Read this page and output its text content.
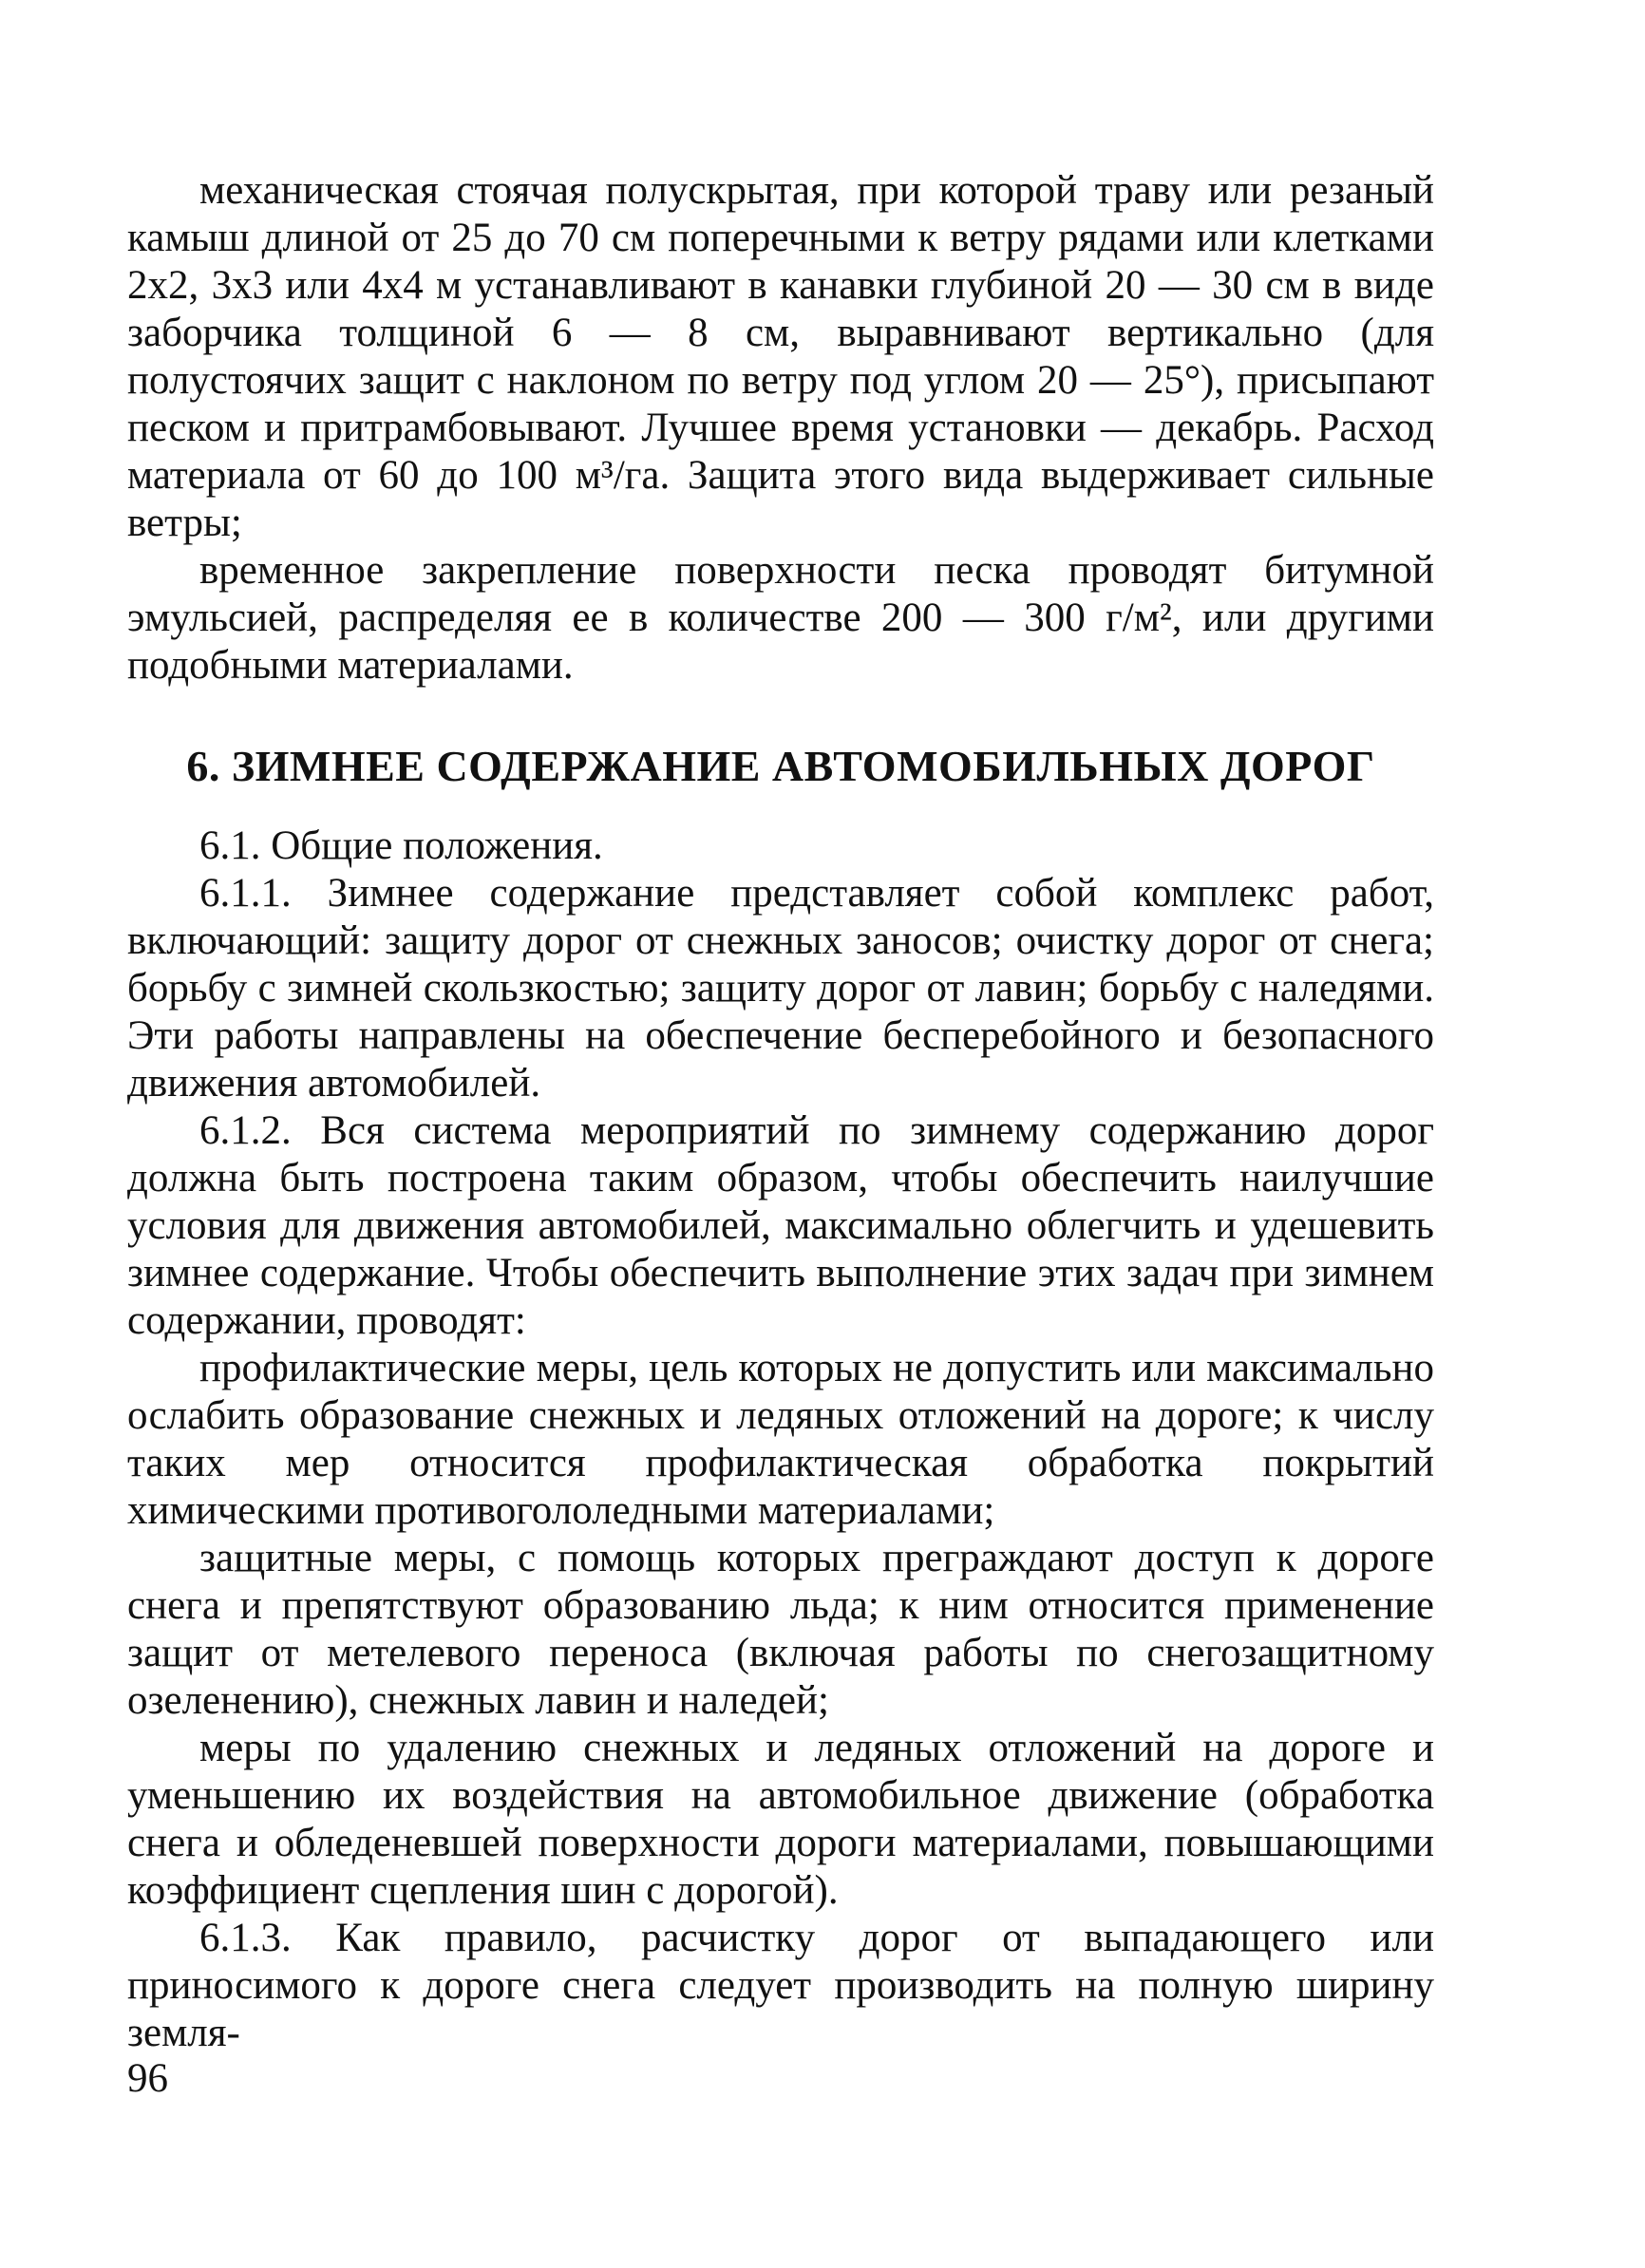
механическая стоячая полускрытая, при которой траву или резаный камыш длиной от 25 до 70 см поперечными к ветру рядами или клетками 2х2, 3х3 или 4х4 м устанавливают в канавки глубиной 20 — 30 см в виде заборчика толщиной 6 — 8 см, выравнивают вертикально (для полустоячих защит с наклоном по ветру под углом 20 — 25°), присыпают песком и притрамбовывают. Лучшее время установки — декабрь. Расход материала от 60 до 100 м³/га. Защита этого вида выдерживает сильные ветры;

временное закрепление поверхности песка проводят битумной эмульсией, распределяя ее в количестве 200 — 300 г/м², или другими подобными материалами.

6. ЗИМНЕЕ СОДЕРЖАНИЕ АВТОМОБИЛЬНЫХ ДОРОГ

6.1. Общие положения.

6.1.1. Зимнее содержание представляет собой комплекс работ, включающий: защиту дорог от снежных заносов; очистку дорог от снега; борьбу с зимней скользкостью; защиту дорог от лавин; борьбу с наледями. Эти работы направлены на обеспечение бесперебойного и безопасного движения автомобилей.

6.1.2. Вся система мероприятий по зимнему содержанию дорог должна быть построена таким образом, чтобы обеспечить наилучшие условия для движения автомобилей, максимально облегчить и удешевить зимнее содержание. Чтобы обеспечить выполнение этих задач при зимнем содержании, проводят:

профилактические меры, цель которых не допустить или максимально ослабить образование снежных и ледяных отложений на дороге; к числу таких мер относится профилактическая обработка покрытий химическими противогололедными материалами;

защитные меры, с помощь которых преграждают доступ к дороге снега и препятствуют образованию льда; к ним относится применение защит от метелевого переноса (включая работы по снегозащитному озеленению), снежных лавин и наледей;

меры по удалению снежных и ледяных отложений на дороге и уменьшению их воздействия на автомобильное движение (обработка снега и обледеневшей поверхности дороги материалами, повышающими коэффициент сцепления шин с дорогой).

6.1.3. Как правило, расчистку дорог от выпадающего или приносимого к дороге снега следует производить на полную ширину земля-

96
